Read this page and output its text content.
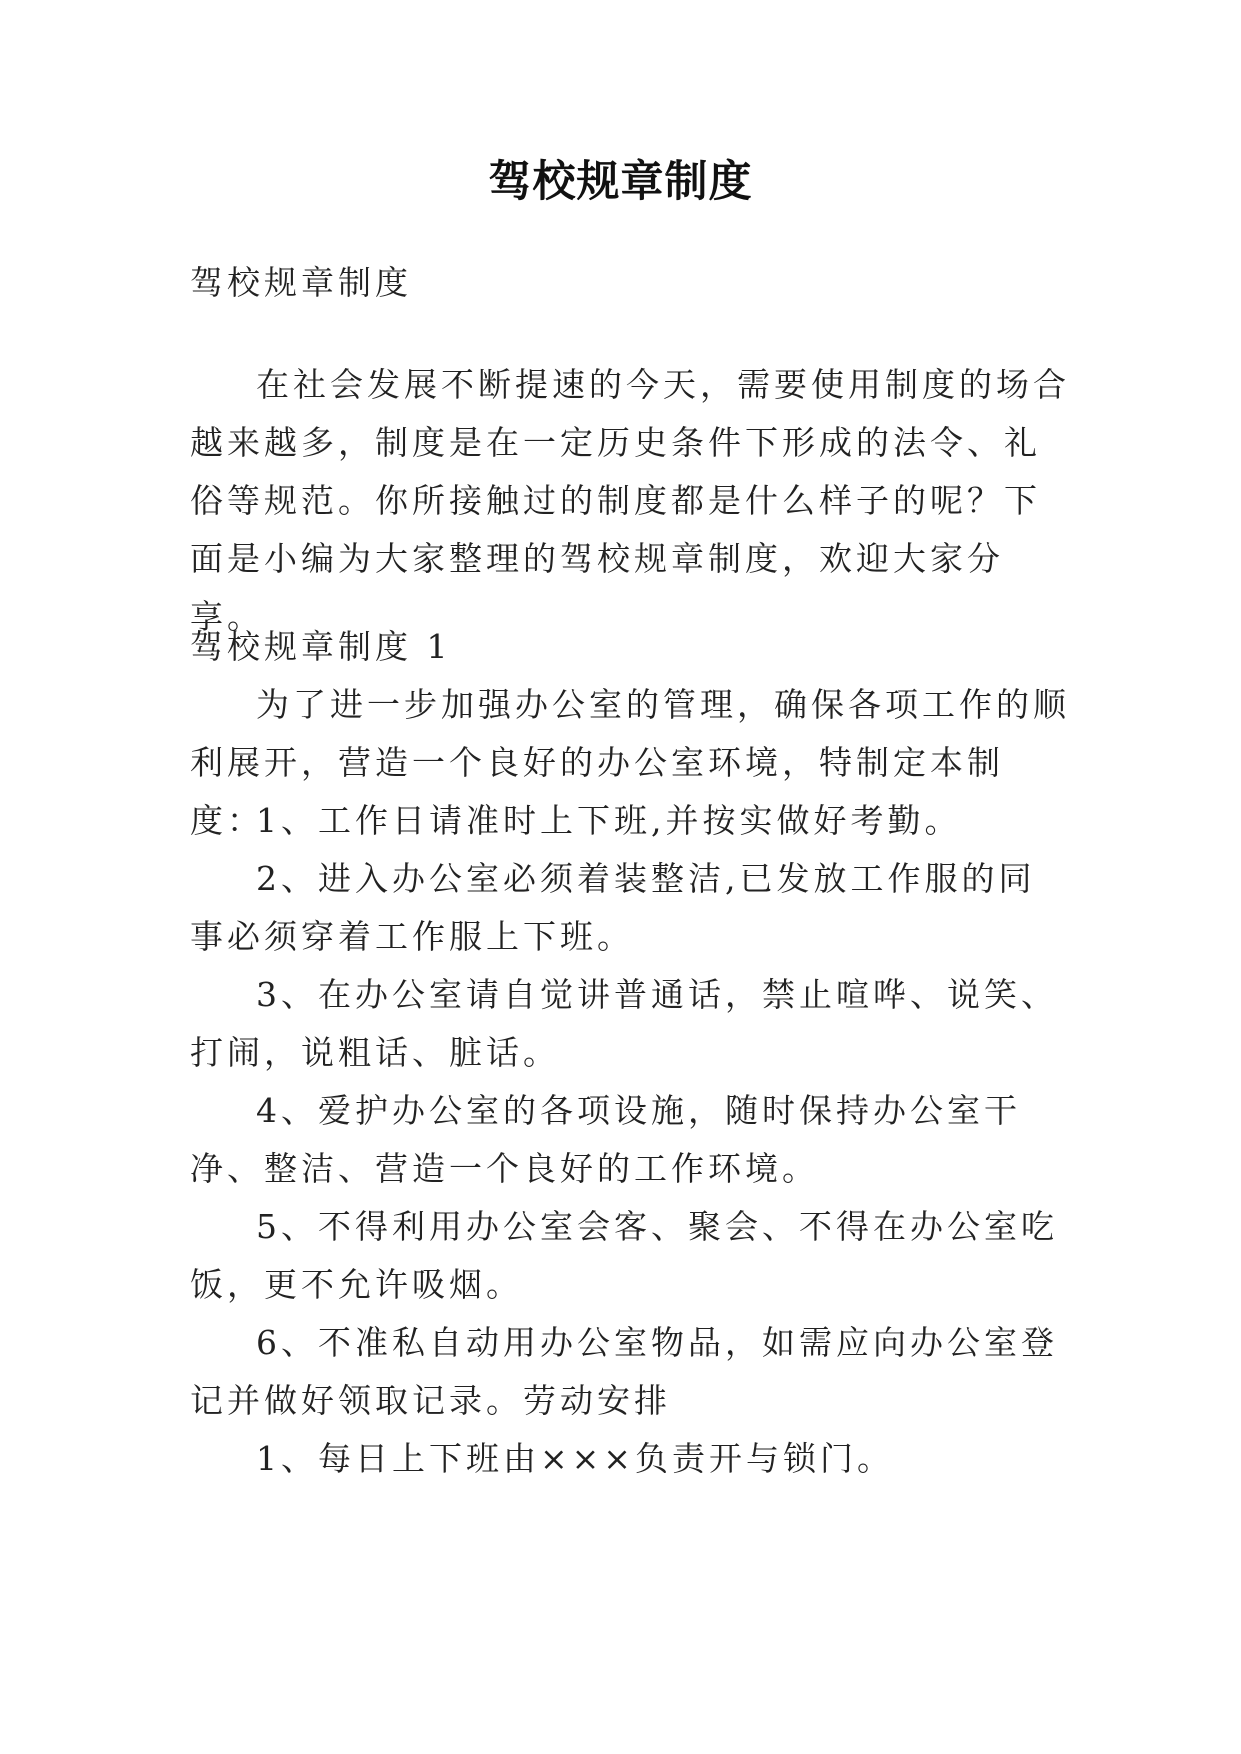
驾校规章制度

驾校规章制度

在社会发展不断提速的今天，需要使用制度的场合越来越多，制度是在一定历史条件下形成的法令、礼俗等规范。你所接触过的制度都是什么样子的呢？下面是小编为大家整理的驾校规章制度，欢迎大家分享。

驾校规章制度 1

为了进一步加强办公室的管理，确保各项工作的顺利展开，营造一个良好的办公室环境，特制定本制度：

1、工作日请准时上下班,并按实做好考勤。

2、进入办公室必须着装整洁,已发放工作服的同事必须穿着工作服上下班。

3、在办公室请自觉讲普通话，禁止喧哗、说笑、打闹，说粗话、脏话。

4、爱护办公室的各项设施，随时保持办公室干净、整洁、营造一个良好的工作环境。

5、不得利用办公室会客、聚会、不得在办公室吃饭，更不允许吸烟。

6、不准私自动用办公室物品，如需应向办公室登记并做好领取记录。劳动安排

1、每日上下班由×××负责开与锁门。
